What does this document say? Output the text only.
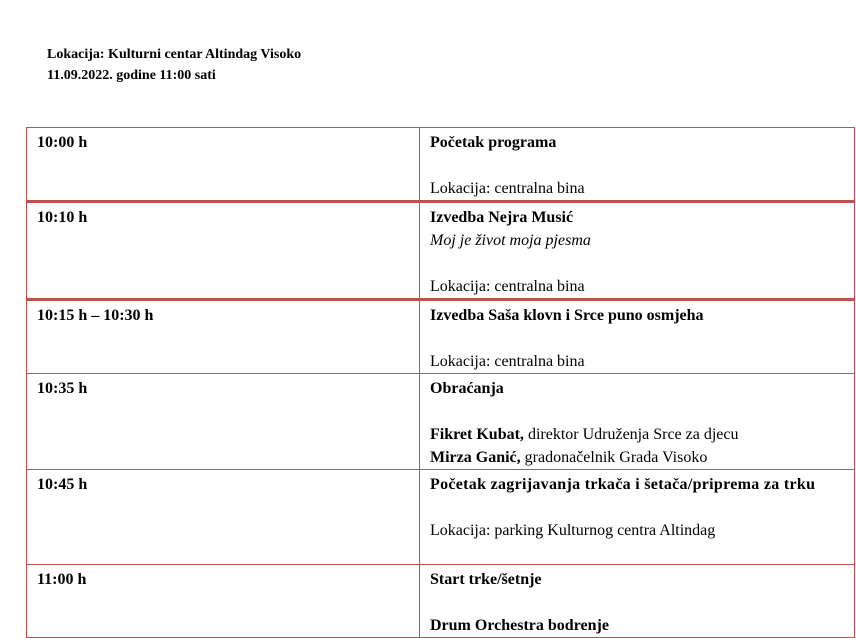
Lokacija: Kulturni centar Altindag Visoko
11.09.2022. godine 11:00 sati
10:00 h	Početak programa
Lokacija: centralna bina

10:10 h	Izvedba Nejra Musić
Moj je život moja pjesma
Lokacija: centralna bina

10:15 h – 10:30 h	Izvedba Saša klovn i Srce puno osmjeha
Lokacija: centralna bina

10:35 h	Obraćanja
Fikret Kubat, direktor Udruženja Srce za djecu
Mirza Ganić, gradonačelnik Grada Visoko

10:45 h	Početak zagrijavanja trkača i šetača/priprema za trku
Lokacija: parking Kulturnog centra Altindag

11:00 h	Start trke/šetnje
Drum Orchestra bodrenje
